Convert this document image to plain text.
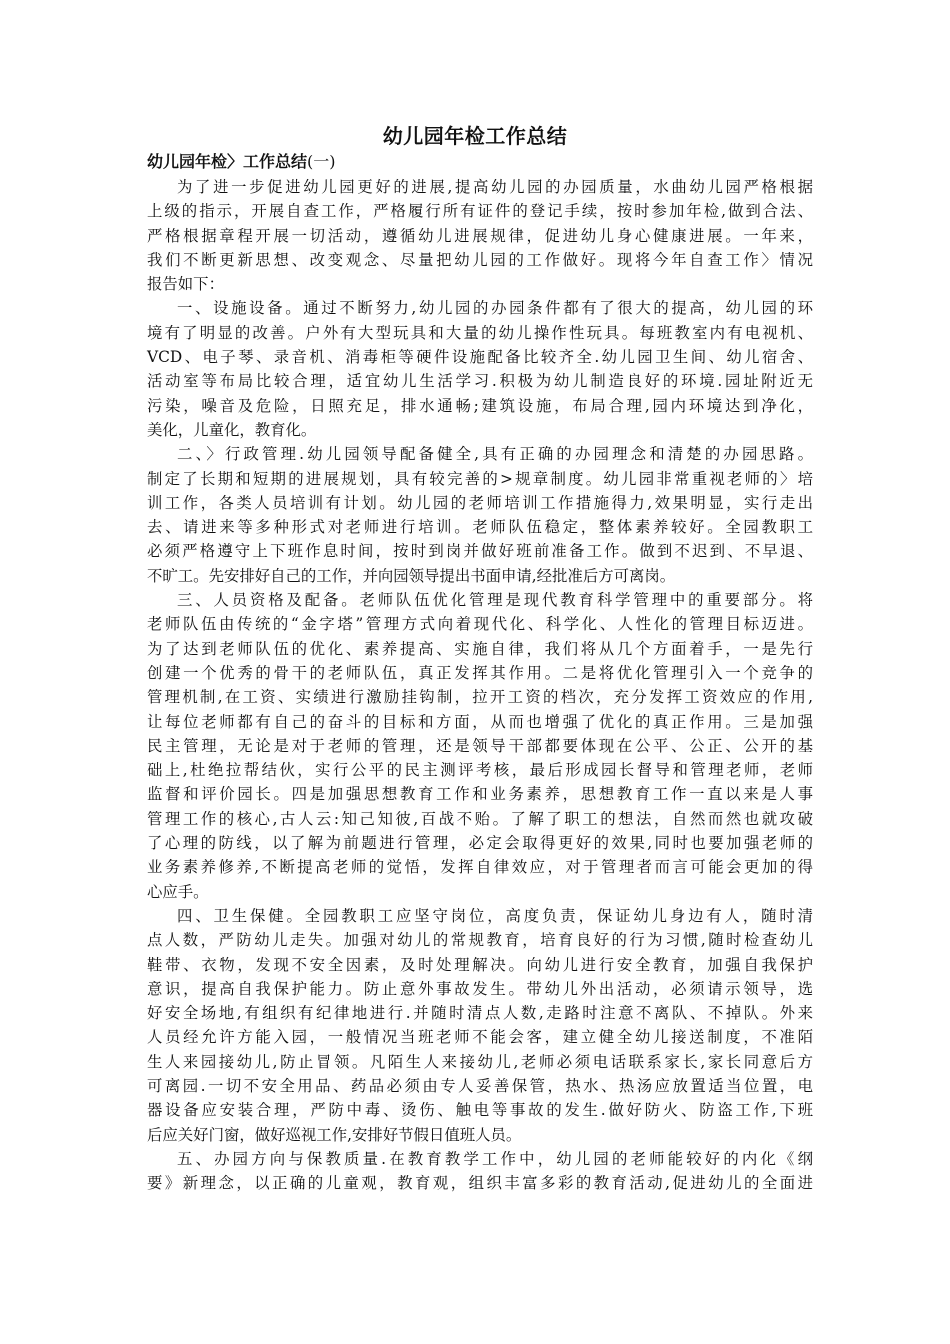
幼儿园年检工作总结
幼儿园年检〉工作总结(一)
为了进一步促进幼儿园更好的进展,提高幼儿园的办园质量，水曲幼儿园严格根据
上级的指示，开展自查工作，严格履行所有证件的登记手续，按时参加年检,做到合法、
严格根据章程开展一切活动，遵循幼儿进展规律，促进幼儿身心健康进展。一年来，
我们不断更新思想、改变观念、尽量把幼儿园的工作做好。现将今年自查工作〉情况
报告如下：
一、设施设备。通过不断努力,幼儿园的办园条件都有了很大的提高，幼儿园的环
境有了明显的改善。户外有大型玩具和大量的幼儿操作性玩具。每班教室内有电视机、
VCD、电子琴、录音机、消毒柜等硬件设施配备比较齐全.幼儿园卫生间、幼儿宿舍、
活动室等布局比较合理，适宜幼儿生活学习.积极为幼儿制造良好的环境.园址附近无
污染，噪音及危险，日照充足，排水通畅;建筑设施，布局合理,园内环境达到净化，
美化，儿童化，教育化。
二、〉行政管理.幼儿园领导配备健全,具有正确的办园理念和清楚的办园思路。
制定了长期和短期的进展规划，具有较完善的>规章制度。幼儿园非常重视老师的〉培
训工作，各类人员培训有计划。幼儿园的老师培训工作措施得力,效果明显，实行走出
去、请进来等多种形式对老师进行培训。老师队伍稳定，整体素养较好。全园教职工
必须严格遵守上下班作息时间，按时到岗并做好班前准备工作。做到不迟到、不早退、
不旷工。先安排好自己的工作，并向园领导提出书面申请,经批准后方可离岗。
三、人员资格及配备。老师队伍优化管理是现代教育科学管理中的重要部分。将
老师队伍由传统的“金字塔”管理方式向着现代化、科学化、人性化的管理目标迈进。
为了达到老师队伍的优化、素养提高、实施自律，我们将从几个方面着手，一是先行
创建一个优秀的骨干的老师队伍，真正发挥其作用。二是将优化管理引入一个竞争的
管理机制,在工资、实绩进行激励挂钩制，拉开工资的档次，充分发挥工资效应的作用,
让每位老师都有自己的奋斗的目标和方面，从而也增强了优化的真正作用。三是加强
民主管理，无论是对于老师的管理，还是领导干部都要体现在公平、公正、公开的基
础上,杜绝拉帮结伙，实行公平的民主测评考核，最后形成园长督导和管理老师，老师
监督和评价园长。四是加强思想教育工作和业务素养，思想教育工作一直以来是人事
管理工作的核心,古人云:知己知彼,百战不贻。了解了职工的想法，自然而然也就攻破
了心理的防线，以了解为前题进行管理，必定会取得更好的效果,同时也要加强老师的
业务素养修养,不断提高老师的觉悟，发挥自律效应，对于管理者而言可能会更加的得
心应手。
四、卫生保健。全园教职工应坚守岗位，高度负责，保证幼儿身边有人，随时清
点人数，严防幼儿走失。加强对幼儿的常规教育，培育良好的行为习惯,随时检查幼儿
鞋带、衣物，发现不安全因素，及时处理解决。向幼儿进行安全教育，加强自我保护
意识，提高自我保护能力。防止意外事故发生。带幼儿外出活动，必须请示领导，选
好安全场地,有组织有纪律地进行.并随时清点人数,走路时注意不离队、不掉队。外来
人员经允许方能入园，一般情况当班老师不能会客，建立健全幼儿接送制度，不准陌
生人来园接幼儿,防止冒领。凡陌生人来接幼儿,老师必须电话联系家长,家长同意后方
可离园.一切不安全用品、药品必须由专人妥善保管，热水、热汤应放置适当位置，电
器设备应安装合理，严防中毒、烫伤、触电等事故的发生.做好防火、防盗工作,下班
后应关好门窗，做好巡视工作,安排好节假日值班人员。
五、办园方向与保教质量.在教育教学工作中，幼儿园的老师能较好的内化《纲
要》新理念，以正确的儿童观，教育观，组织丰富多彩的教育活动,促进幼儿的全面进
